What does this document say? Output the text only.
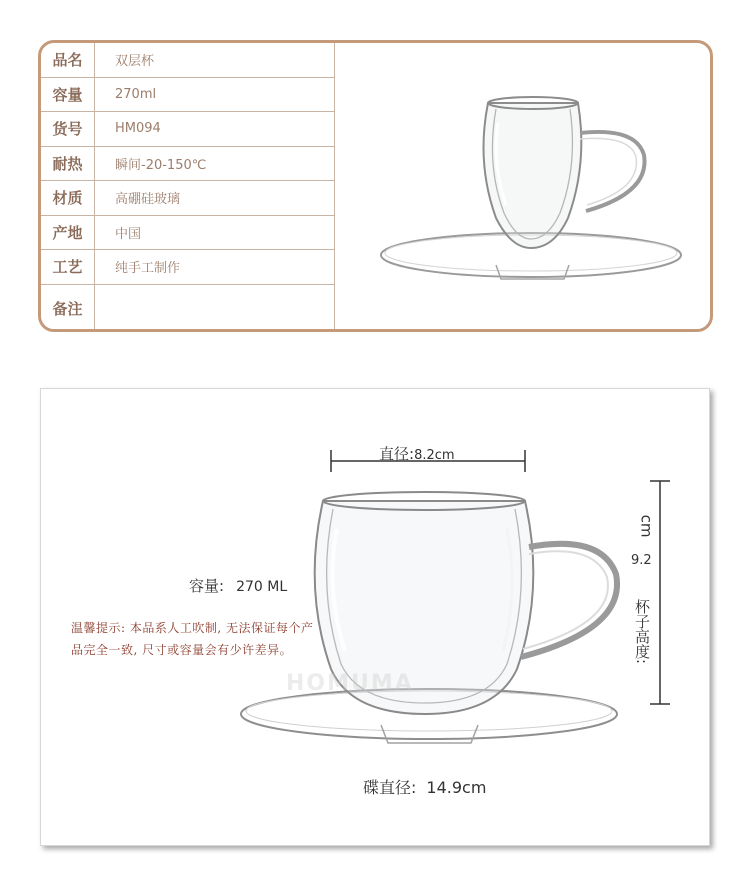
品名	双层杯
容量	270ml
货号	HM094
耐热	瞬间-20-150℃
材质	高硼硅玻璃
产地	中国
工艺	纯手工制作
备注
直径:8.2cm
容量: 270 ML
温馨提示: 本品系人工吹制, 无法保证每个产品完全一致, 尺寸或容量会有少许差异。
HOMUMA
cm
9.2
杯子高度:
碟直径: 14.9cm
